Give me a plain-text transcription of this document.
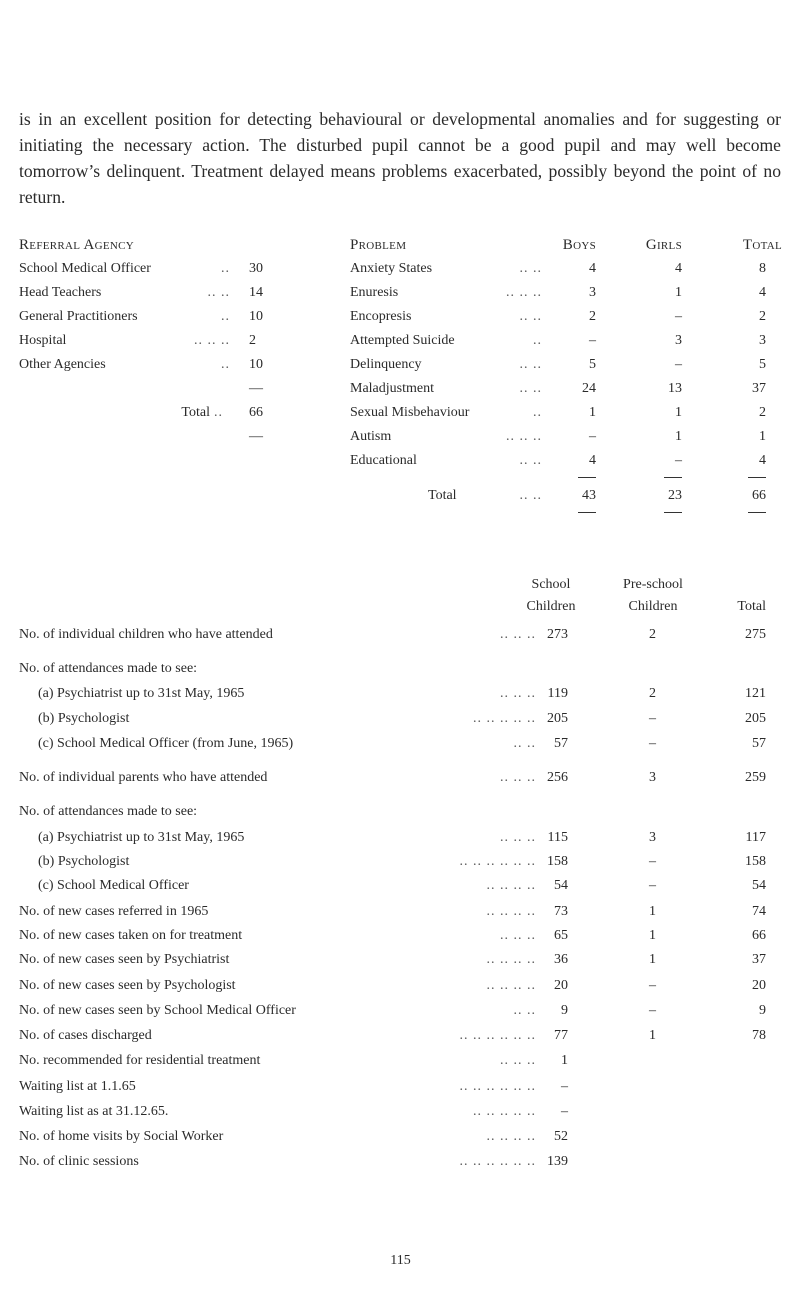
is in an excellent position for detecting behavioural or developmental anomalies and for suggesting or initiating the necessary action. The disturbed pupil cannot be a good pupil and may well become tomorrow’s delinquent. Treatment delayed means problems exacerbated, possibly beyond the point of no return.
Referral Agency
School Medical Officer	.. 30
Head Teachers	.. .. 14
General Practitioners	.. 10
Hospital	.. .. .. 2
Other Agencies	.. 10
—
Total .. 66
—
Problem	Boys	Girls	Total
Anxiety States	.. ..	4	4	8
Enuresis	.. .. ..	3	1	4
Encopresis	.. ..	2	–	2
Attempted Suicide	..	–	3	3
Delinquency	.. ..	5	–	5
Maladjustment	.. ..	24	13	37
Sexual Misbehaviour	..	1	1	2
Autism	.. .. ..	–	1	1
Educational	.. ..	4	–	4
Total	.. ..	43	23	66
School
Children
Pre-school
Children	Total
No. of individual children who have attended	.. .. .. 273	2	275
No. of attendances made to see:
(a) Psychiatrist up to 31st May, 1965	.. .. .. 119	2	121
(b) Psychologist	.. .. .. .. .. 205	–	205
(c) School Medical Officer (from June, 1965)	.. ..	57	–	57
No. of individual parents who have attended	.. .. .. 256	3	259
No. of attendances made to see:
(a) Psychiatrist up to 31st May, 1965	.. .. .. 115	3	117
(b) Psychologist	.. .. .. .. .. .. 158	–	158
(c) School Medical Officer	.. .. .. ..	54	–	54
No. of new cases referred in 1965	.. .. .. ..	73	1	74
No. of new cases taken on for treatment	.. .. ..	65	1	66
No. of new cases seen by Psychiatrist	.. .. .. ..	36	1	37
No. of new cases seen by Psychologist	.. .. .. ..	20	–	20
No. of new cases seen by School Medical Officer	.. ..	9	–	9
No. of cases discharged	.. .. .. .. .. ..	77	1	78
No. recommended for residential treatment	.. .. ..	1
Waiting list at 1.1.65	.. .. .. .. .. ..	–
Waiting list as at 31.12.65.	.. .. .. .. ..	–
No. of home visits by Social Worker	.. .. .. ..	52
No. of clinic sessions	.. .. .. .. .. .. 139
115
